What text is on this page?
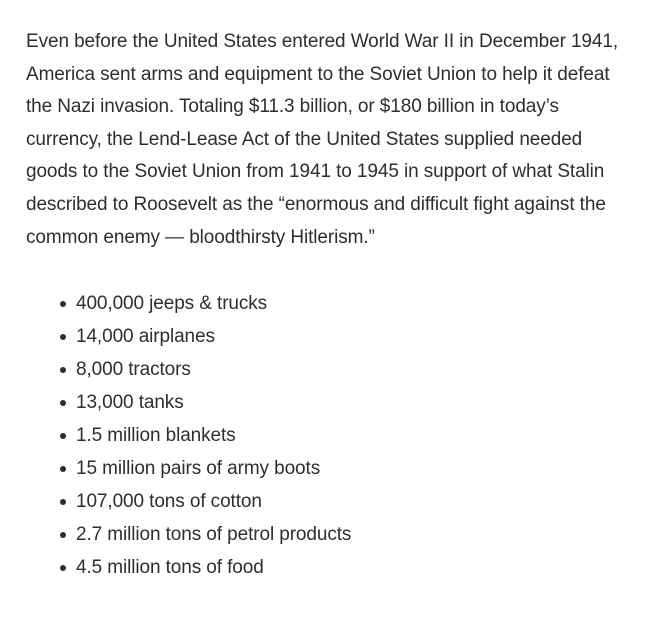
Even before the United States entered World War II in December 1941, America sent arms and equipment to the Soviet Union to help it defeat the Nazi invasion. Totaling $11.3 billion, or $180 billion in today’s currency, the Lend-Lease Act of the United States supplied needed goods to the Soviet Union from 1941 to 1945 in support of what Stalin described to Roosevelt as the “enormous and difficult fight against the common enemy — bloodthirsty Hitlerism.”

400,000 jeeps & trucks
14,000 airplanes
8,000 tractors
13,000 tanks
1.5 million blankets
15 million pairs of army boots
107,000 tons of cotton
2.7 million tons of petrol products
4.5 million tons of food
